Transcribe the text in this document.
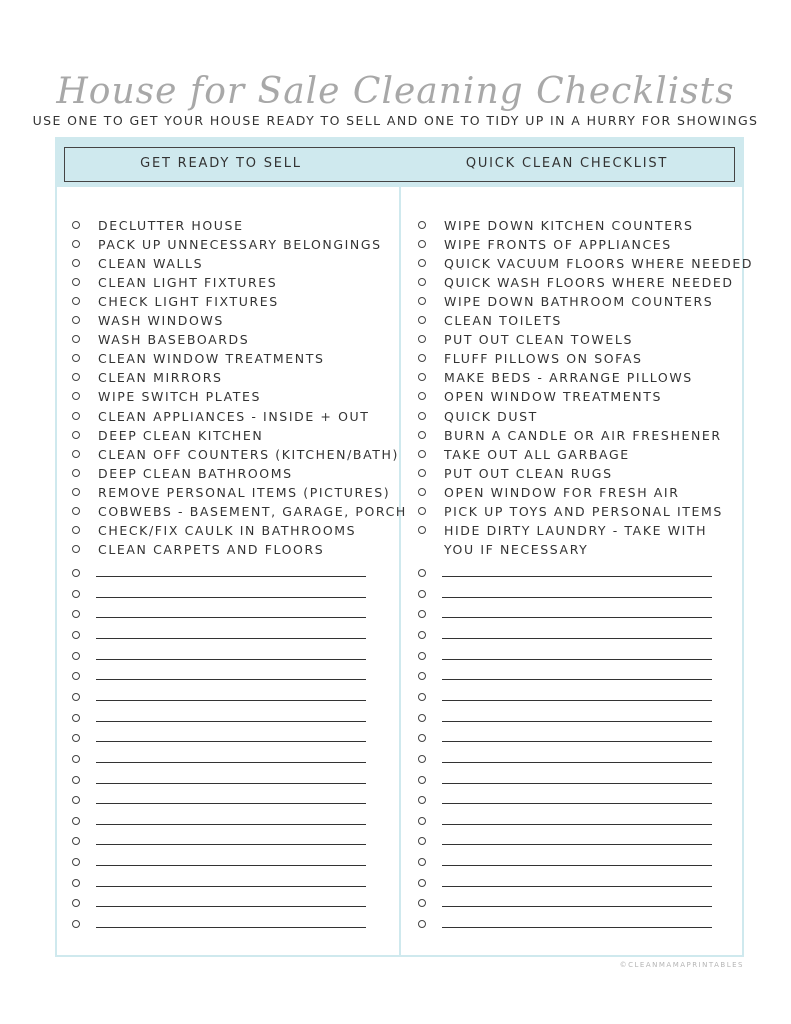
House for Sale Cleaning Checklists

USE ONE TO GET YOUR HOUSE READY TO SELL AND ONE TO TIDY UP IN A HURRY FOR SHOWINGS

GET READY TO SELL	QUICK CLEAN CHECKLIST
DECLUTTER HOUSE
PACK UP UNNECESSARY BELONGINGS
CLEAN WALLS
CLEAN LIGHT FIXTURES
CHECK LIGHT FIXTURES
WASH WINDOWS
WASH BASEBOARDS
CLEAN WINDOW TREATMENTS
CLEAN MIRRORS
WIPE SWITCH PLATES
CLEAN APPLIANCES - INSIDE + OUT
DEEP CLEAN KITCHEN
CLEAN OFF COUNTERS (KITCHEN/BATH)
DEEP CLEAN BATHROOMS
REMOVE PERSONAL ITEMS (PICTURES)
COBWEBS - BASEMENT, GARAGE, PORCH
CHECK/FIX CAULK IN BATHROOMS
CLEAN CARPETS AND FLOORS
WIPE DOWN KITCHEN COUNTERS
WIPE FRONTS OF APPLIANCES
QUICK VACUUM FLOORS WHERE NEEDED
QUICK WASH FLOORS WHERE NEEDED
WIPE DOWN BATHROOM COUNTERS
CLEAN TOILETS
PUT OUT CLEAN TOWELS
FLUFF PILLOWS ON SOFAS
MAKE BEDS - ARRANGE PILLOWS
OPEN WINDOW TREATMENTS
QUICK DUST
BURN A CANDLE OR AIR FRESHENER
TAKE OUT ALL GARBAGE
PUT OUT CLEAN RUGS
OPEN WINDOW FOR FRESH AIR
PICK UP TOYS AND PERSONAL ITEMS
HIDE DIRTY LAUNDRY - TAKE WITH
YOU IF NECESSARY
©CLEANMAMAPRINTABLES
